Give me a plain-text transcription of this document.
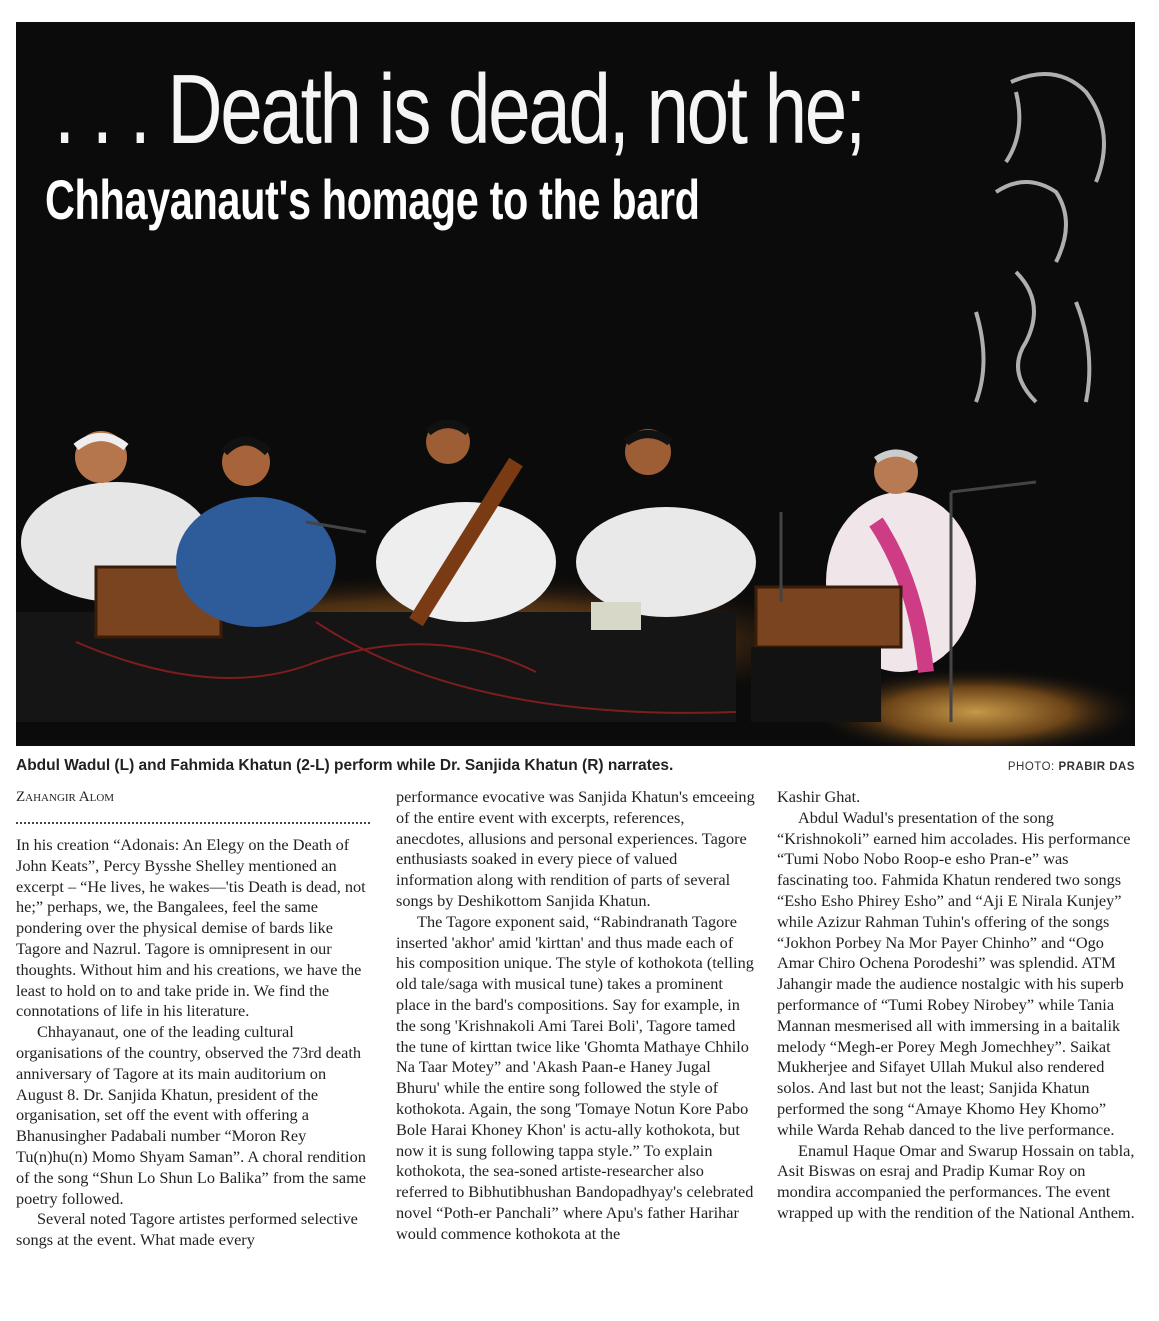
. . . Death is dead, not he;
Chhayanaut's homage to the bard
Abdul Wadul (L) and Fahmida Khatun (2-L) perform while Dr. Sanjida Khatun (R) narrates.	PHOTO: PRABIR DAS
Zahangir Alom

In his creation “Adonais: An Elegy on the Death of John Keats”, Percy Bysshe Shelley mentioned an excerpt – “He lives, he wakes—'tis Death is dead, not he;” perhaps, we, the Bangalees, feel the same pondering over the physical demise of bards like Tagore and Nazrul. Tagore is omnipresent in our thoughts. Without him and his creations, we have the least to hold on to and take pride in. We find the connotations of life in his literature.

Chhayanaut, one of the leading cultural organisations of the country, observed the 73rd death anniversary of Tagore at its main auditorium on August 8. Dr. Sanjida Khatun, president of the organisation, set off the event with offering a Bhanusingher Padabali number “Moron Rey Tu(n)hu(n) Momo Shyam Saman”. A choral rendition of the song “Shun Lo Shun Lo Balika” from the same poetry followed.

Several noted Tagore artistes performed selective songs at the event. What made every

performance evocative was Sanjida Khatun's emceeing of the entire event with excerpts, references, anecdotes, allusions and personal experiences. Tagore enthusiasts soaked in every piece of valued information along with rendition of parts of several songs by Deshikottom Sanjida Khatun.

The Tagore exponent said, “Rabindranath Tagore inserted 'akhor' amid 'kirttan' and thus made each of his composition unique. The style of kothokota (telling old tale/saga with musical tune) takes a prominent place in the bard's compositions. Say for example, in the song 'Krishnakoli Ami Tarei Boli', Tagore tamed the tune of kirttan twice like 'Ghomta Mathaye Chhilo Na Taar Motey” and 'Akash Paan-e Haney Jugal Bhuru' while the entire song followed the style of kothokota. Again, the song 'Tomaye Notun Kore Pabo Bole Harai Khoney Khon' is actu-ally kothokota, but now it is sung following tappa style.” To explain kothokota, the sea-soned artiste-researcher also referred to Bibhutibhushan Bandopadhyay's celebrated novel “Poth-er Panchali” where Apu's father Harihar would commence kothokota at the

Kashir Ghat.

Abdul Wadul's presentation of the song “Krishnokoli” earned him accolades. His performance “Tumi Nobo Nobo Roop-e esho Pran-e” was fascinating too. Fahmida Khatun rendered two songs “Esho Esho Phirey Esho” and “Aji E Nirala Kunjey” while Azizur Rahman Tuhin's offering of the songs “Jokhon Porbey Na Mor Payer Chinho” and “Ogo Amar Chiro Ochena Porodeshi” was splendid. ATM Jahangir made the audience nostalgic with his superb performance of “Tumi Robey Nirobey” while Tania Mannan mesmerised all with immersing in a baitalik melody “Megh-er Porey Megh Jomechhey”. Saikat Mukherjee and Sifayet Ullah Mukul also rendered solos. And last but not the least; Sanjida Khatun performed the song “Amaye Khomo Hey Khomo” while Warda Rehab danced to the live performance.

Enamul Haque Omar and Swarup Hossain on tabla, Asit Biswas on esraj and Pradip Kumar Roy on mondira accompanied the performances. The event wrapped up with the rendition of the National Anthem.
